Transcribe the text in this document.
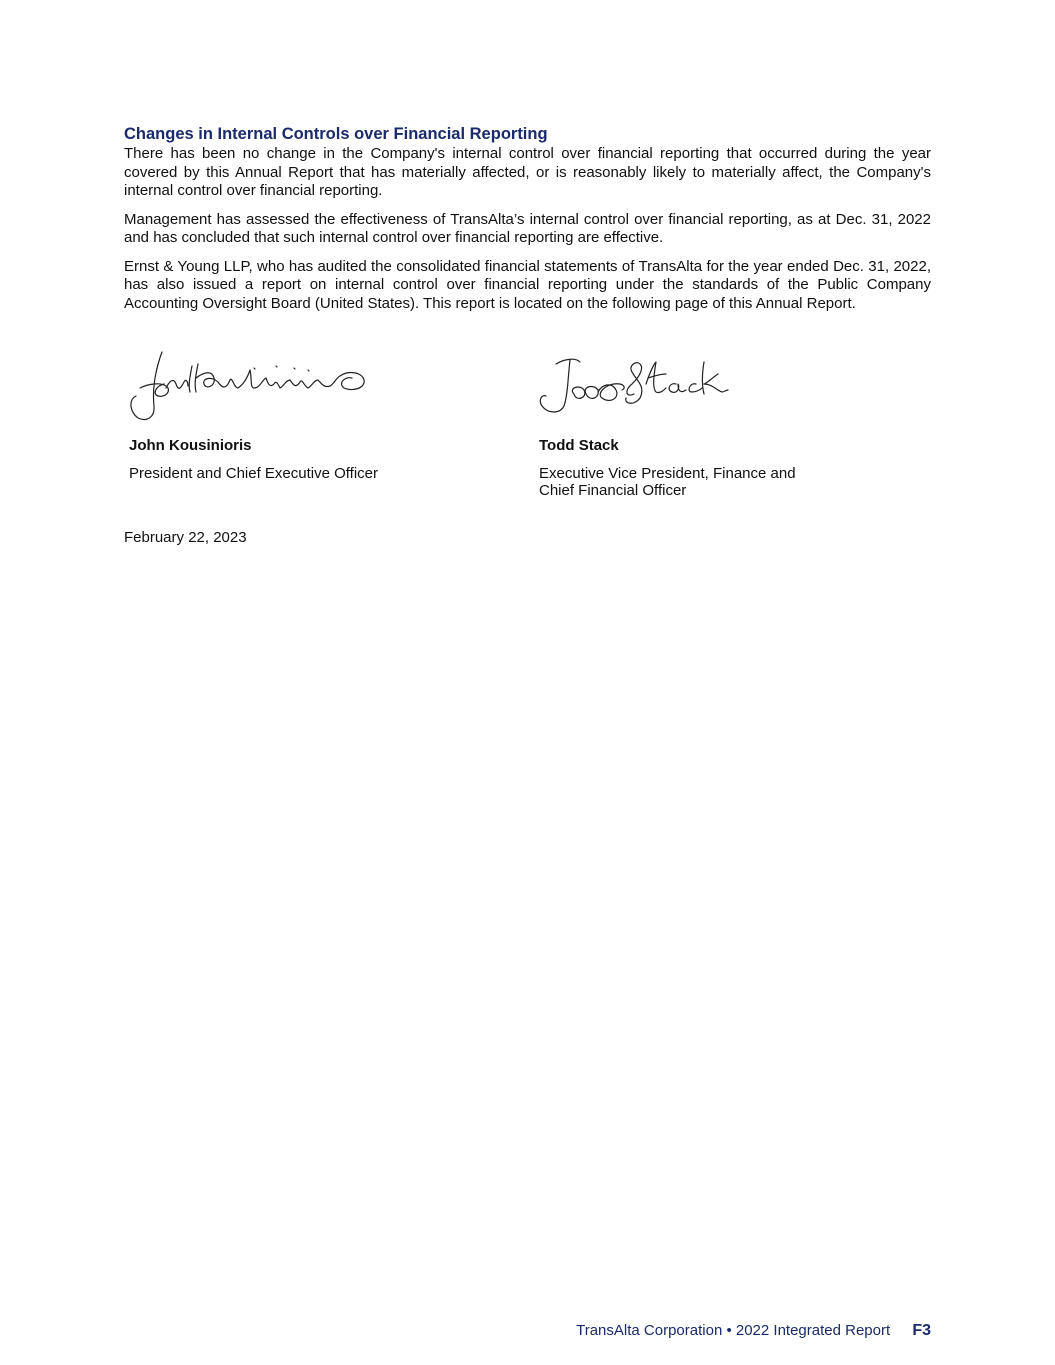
Changes in Internal Controls over Financial Reporting

There has been no change in the Company's internal control over financial reporting that occurred during the year covered by this Annual Report that has materially affected, or is reasonably likely to materially affect, the Company's internal control over financial reporting.

Management has assessed the effectiveness of TransAlta’s internal control over financial reporting, as at Dec. 31, 2022 and has concluded that such internal control over financial reporting are effective.

Ernst & Young LLP, who has audited the consolidated financial statements of TransAlta for the year ended Dec. 31, 2022, has also issued a report on internal control over financial reporting under the standards of the Public Company Accounting Oversight Board (United States). This report is located on the following page of this Annual Report.

John Kousinioris
President and Chief Executive Officer
Todd Stack
Executive Vice President, Finance and
Chief Financial Officer
February 22, 2023
TransAlta Corporation • 2022 Integrated Report F3
